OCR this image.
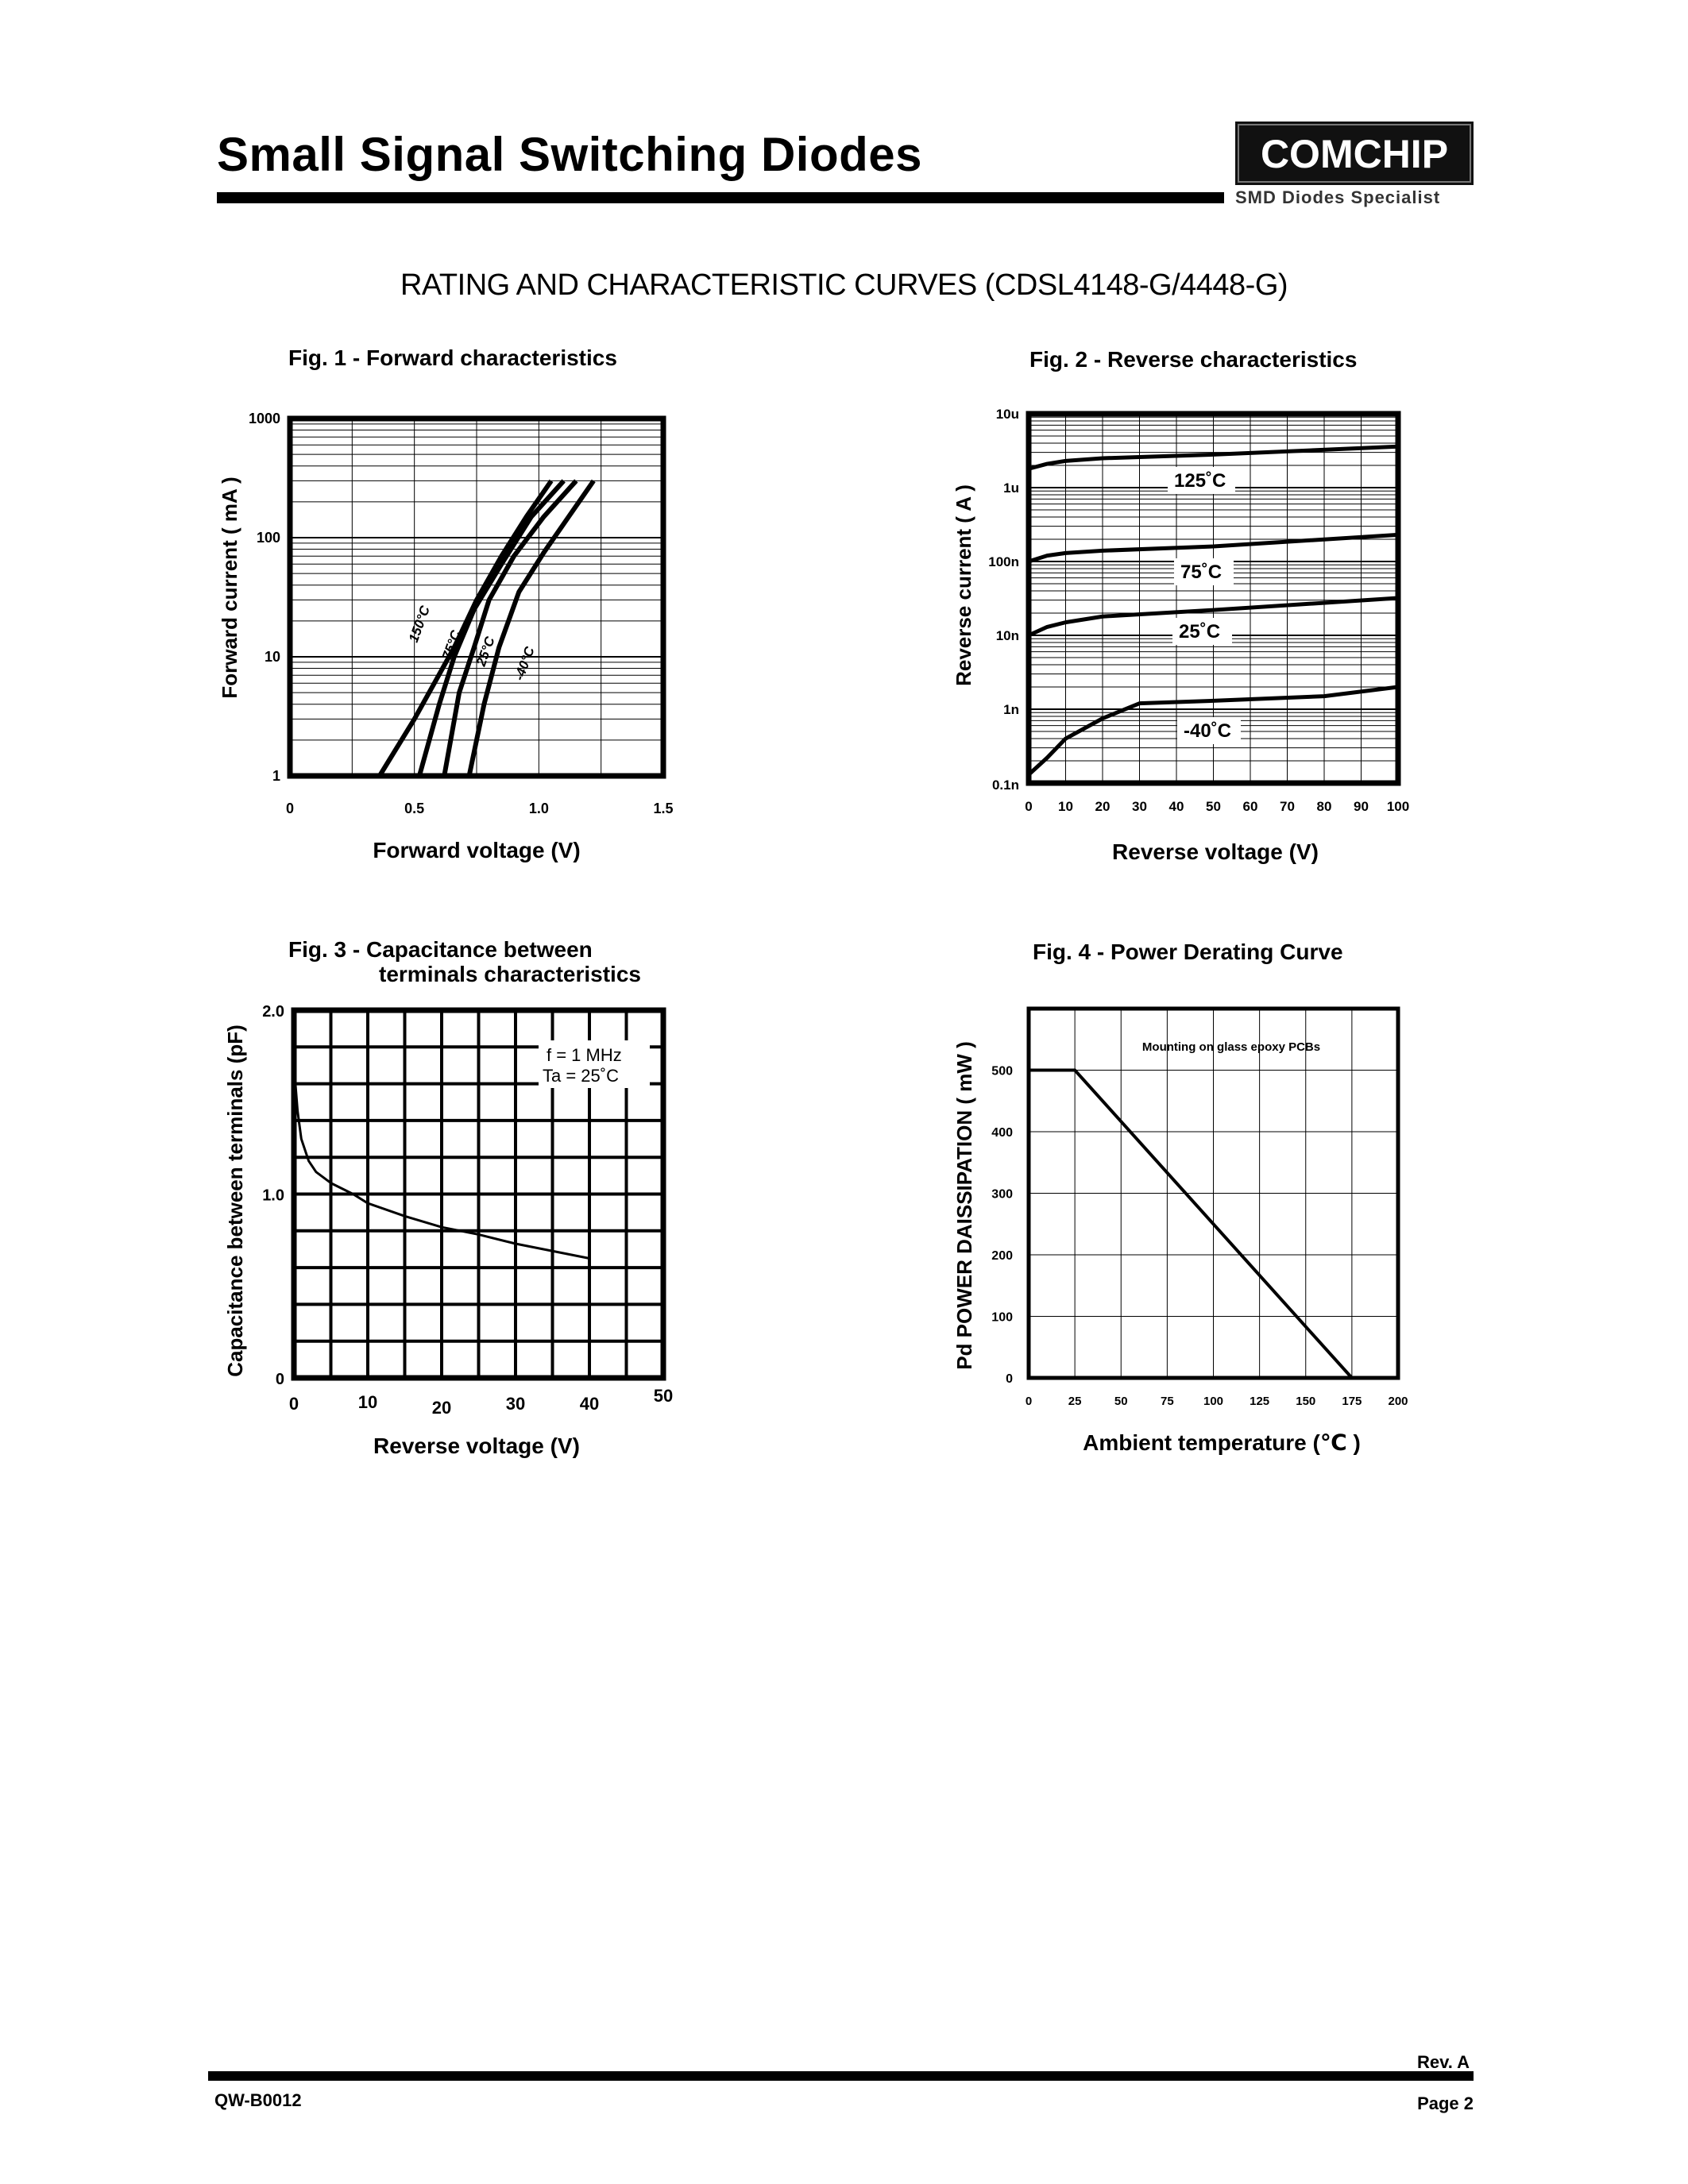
Small Signal Switching Diodes	COMCHIP
SMD Diodes Specialist
RATING AND CHARACTERISTIC CURVES (CDSL4148-G/4448-G)
Fig. 1 - Forward characteristics
Forward current ( mA )
Forward voltage (V)
0	0.5	1.0	1.5
1
10
100
1000
150°C
75°C 25°C -40°C
Fig. 2 - Reverse characteristics
Reverse current ( A )
Reverse voltage (V)
0 10 20 30 40 50 60 70 80 90 100
0.1n
1n
10n
100n
1u
10u
125˚C
75˚C
25˚C
-40˚C
Fig. 3 - Capacitance between
terminals characteristics
Capacitance between terminals (pF)
Reverse voltage (V)
f = 1 MHz
Ta = 25˚C
0	10	20	30	40	50
0
1.0
2.0
Fig. 4 - Power Derating Curve
Pd POWER DAISSIPATION ( mW )
Ambient temperature (℃ )
Mounting on glass epoxy PCBs
0	25	50	75 100 125 150 175 200
0
100
200
300
400
500
Rev. A
QW-B0012	Page 2
